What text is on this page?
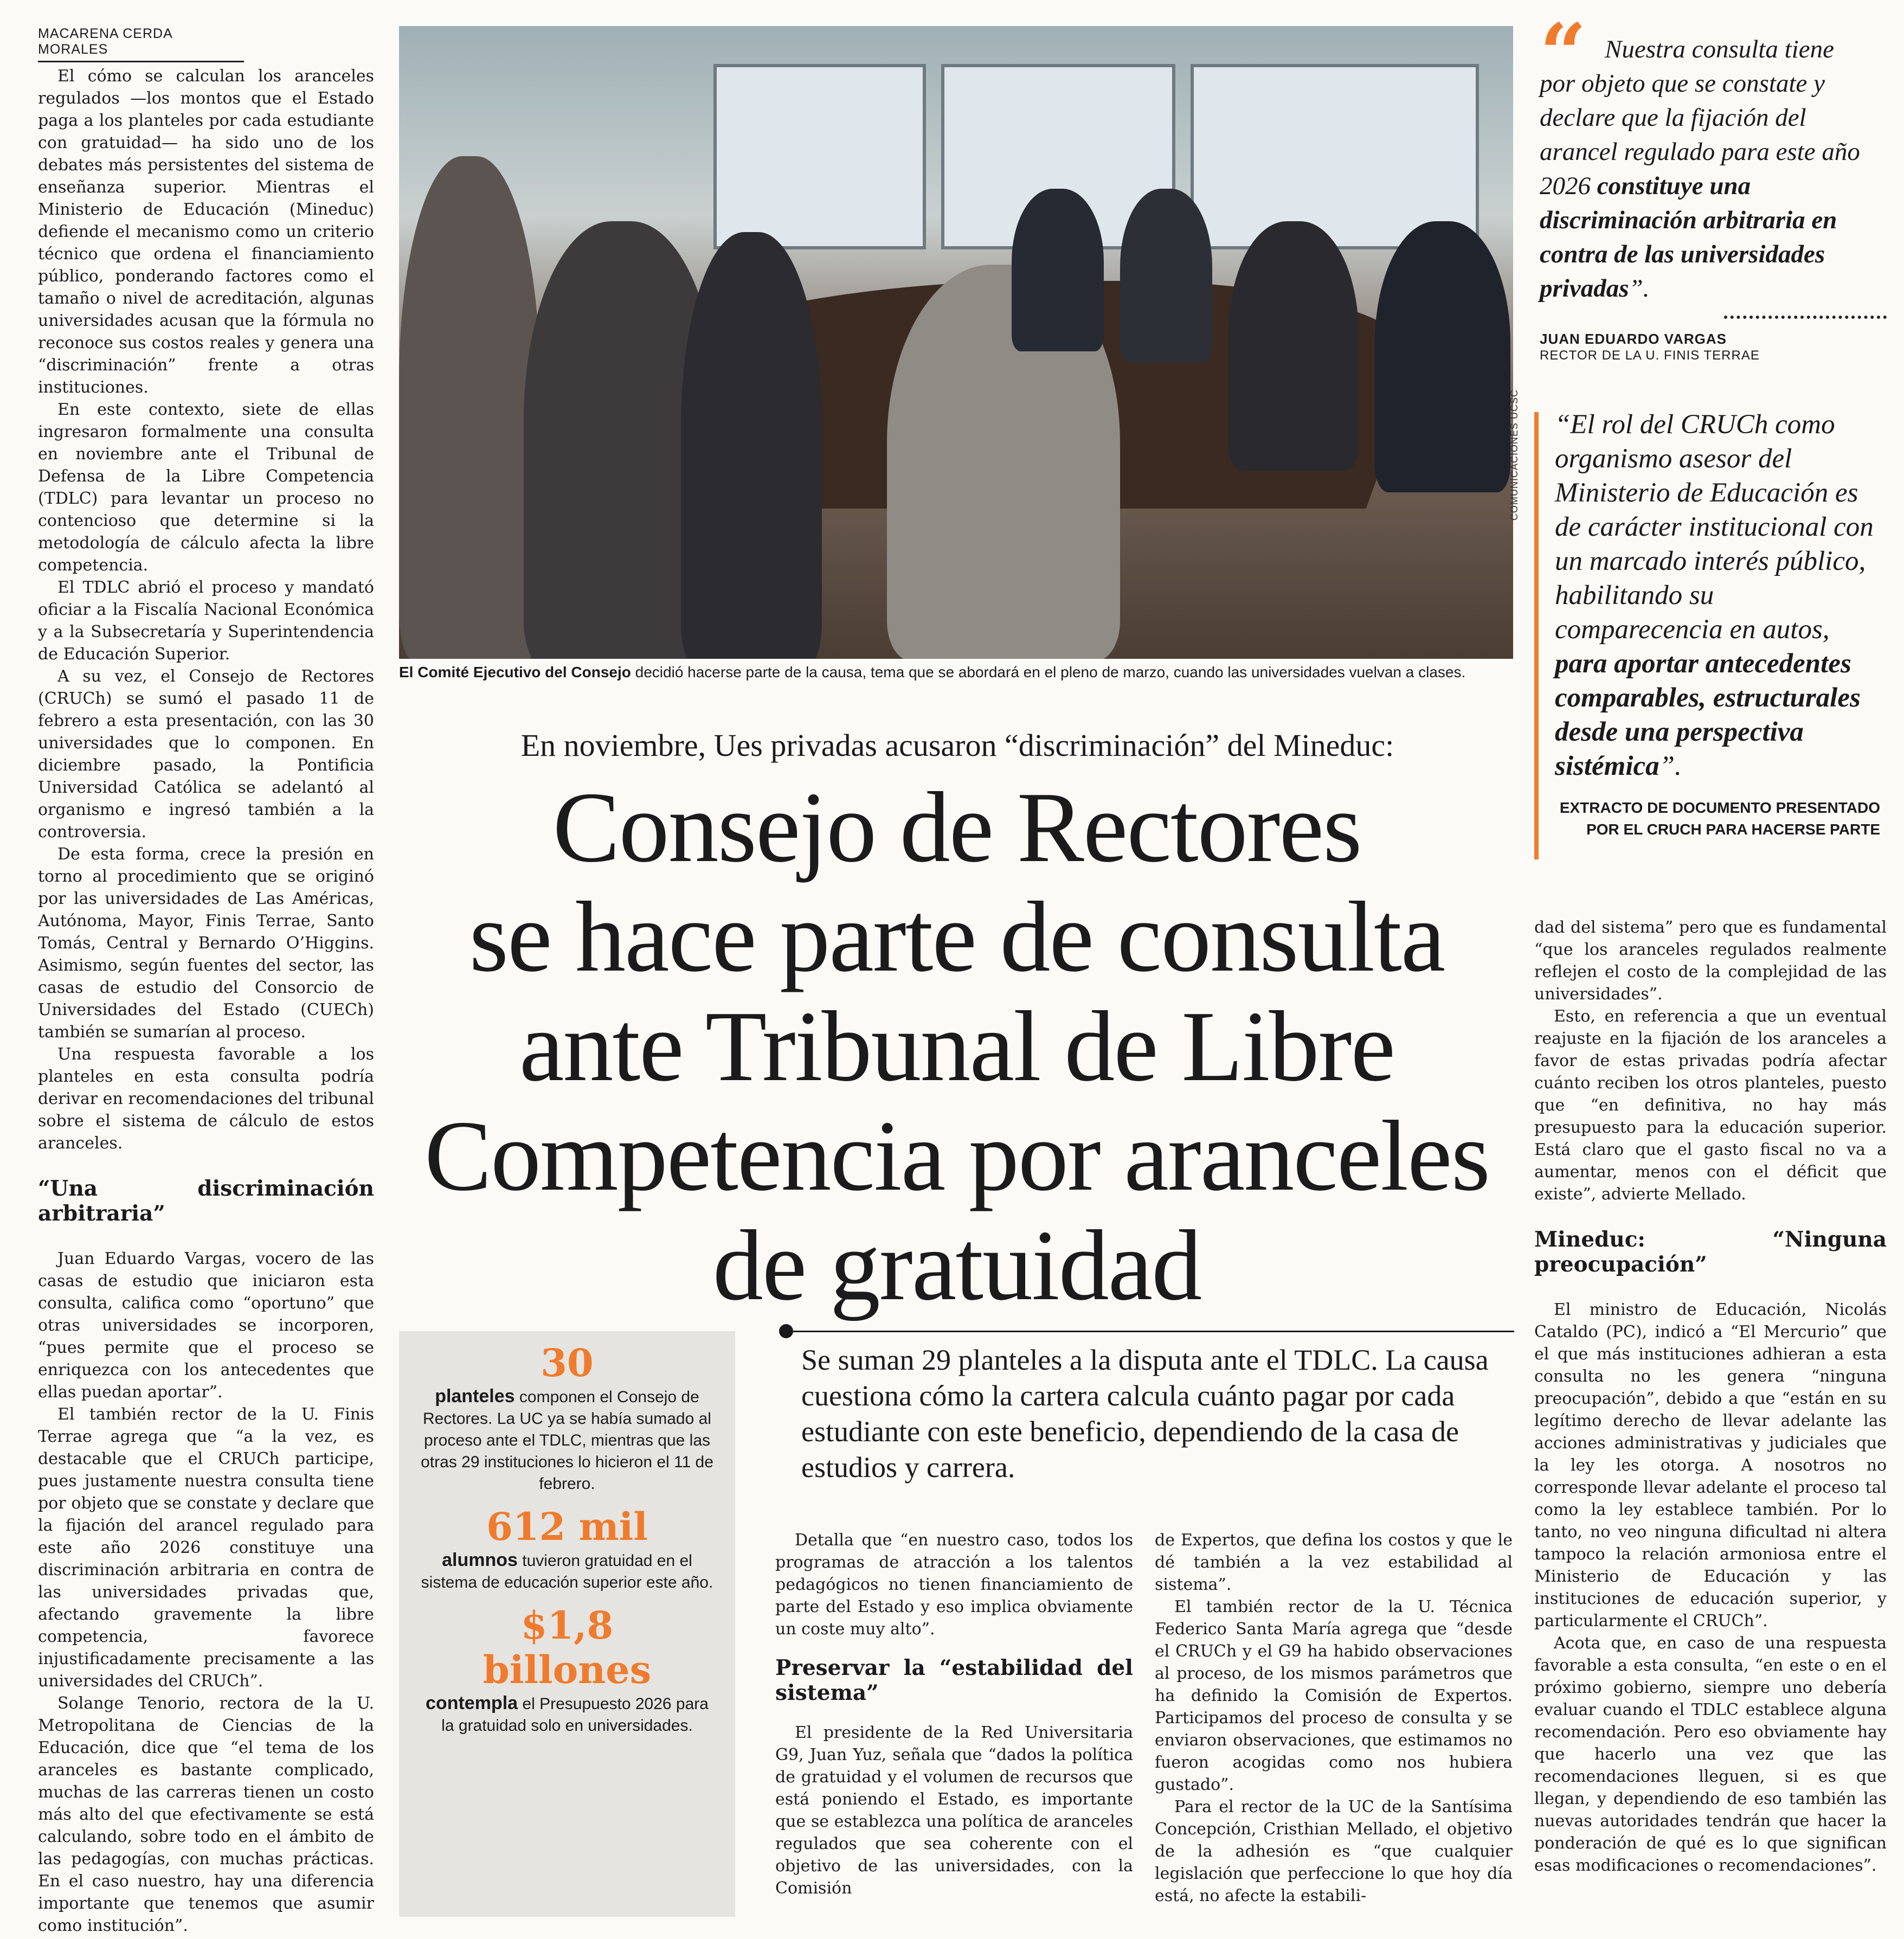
MACARENA CERDA MORALES

El cómo se calculan los aranceles regulados —los montos que el Estado paga a los planteles por cada estudiante con gratuidad— ha sido uno de los debates más persistentes del sistema de enseñanza superior. Mientras el Ministerio de Educación (Mineduc) defiende el mecanismo como un criterio técnico que ordena el financiamiento público, ponderando factores como el tamaño o nivel de acreditación, algunas universidades acusan que la fórmula no reconoce sus costos reales y genera una “discriminación” frente a otras instituciones.

En este contexto, siete de ellas ingresaron formalmente una consulta en noviembre ante el Tribunal de Defensa de la Libre Competencia (TDLC) para levantar un proceso no contencioso que determine si la metodología de cálculo afecta la libre competencia.

El TDLC abrió el proceso y mandató oficiar a la Fiscalía Nacional Económica y a la Subsecretaría y Superintendencia de Educación Superior.

A su vez, el Consejo de Rectores (CRUCh) se sumó el pasado 11 de febrero a esta presentación, con las 30 universidades que lo componen. En diciembre pasado, la Pontificia Universidad Católica se adelantó al organismo e ingresó también a la controversia.

De esta forma, crece la presión en torno al procedimiento que se originó por las universidades de Las Américas, Autónoma, Mayor, Finis Terrae, Santo Tomás, Central y Bernardo O’Higgins. Asimismo, según fuentes del sector, las casas de estudio del Consorcio de Universidades del Estado (CUECh) también se sumarían al proceso.

Una respuesta favorable a los planteles en esta consulta podría derivar en recomendaciones del tribunal sobre el sistema de cálculo de estos aranceles.

“Una discriminación arbitraria”

Juan Eduardo Vargas, vocero de las casas de estudio que iniciaron esta consulta, califica como “oportuno” que otras universidades se incorporen, “pues permite que el proceso se enriquezca con los antecedentes que ellas puedan aportar”.

El también rector de la U. Finis Terrae agrega que “a la vez, es destacable que el CRUCh participe, pues justamente nuestra consulta tiene por objeto que se constate y declare que la fijación del arancel regulado para este año 2026 constituye una discriminación arbitraria en contra de las universidades privadas que, afectando gravemente la libre competencia, favorece injustificadamente precisamente a las universidades del CRUCh”.

Solange Tenorio, rectora de la U. Metropolitana de Ciencias de la Educación, dice que “el tema de los aranceles es bastante complicado, muchas de las carreras tienen un costo más alto del que efectivamente se está calculando, sobre todo en el ámbito de las pedagogías, con muchas prácticas. En el caso nuestro, hay una diferencia importante que tenemos que asumir como institución”.

COMUNICACIONES UCSC
El Comité Ejecutivo del Consejo decidió hacerse parte de la causa, tema que se abordará en el pleno de marzo, cuando las universidades vuelvan a clases.
En noviembre, Ues privadas acusaron “discriminación” del Mineduc:
Consejo de Rectores
se hace parte de consulta
ante Tribunal de Libre
Competencia por aranceles
de gratuidad
Se suman 29 planteles a la disputa ante el TDLC. La causa cuestiona cómo la cartera calcula cuánto pagar por cada estudiante con este beneficio, dependiendo de la casa de estudios y carrera.
30
planteles componen el Consejo de Rectores. La UC ya se había sumado al proceso ante el TDLC, mientras que las otras 29 instituciones lo hicieron el 11 de febrero.
612 mil
alumnos tuvieron gratuidad en el sistema de educación superior este año.
$1,8 billones
contempla el Presupuesto 2026 para la gratuidad solo en universidades.

Detalla que “en nuestro caso, todos los programas de atracción a los talentos pedagógicos no tienen financiamiento de parte del Estado y eso implica obviamente un coste muy alto”.

Preservar la “estabilidad del sistema”

El presidente de la Red Universitaria G9, Juan Yuz, señala que “dados la política de gratuidad y el volumen de recursos que está poniendo el Estado, es importante que se establezca una política de aranceles regulados que sea coherente con el objetivo de las universidades, con la Comisión

de Expertos, que defina los costos y que le dé también a la vez estabilidad al sistema”.

El también rector de la U. Técnica Federico Santa María agrega que “desde el CRUCh y el G9 ha habido observaciones al proceso, de los mismos parámetros que ha definido la Comisión de Expertos. Participamos del proceso de consulta y se enviaron observaciones, que estimamos no fueron acogidas como nos hubiera gustado”.

Para el rector de la UC de la Santísima Concepción, Cristhian Mellado, el objetivo de la adhesión es “que cualquier legislación que perfeccione lo que hoy día está, no afecte la estabili-

“ Nuestra consulta tiene por objeto que se constate y declare que la fijación del arancel regulado para este año 2026 constituye una discriminación arbitraria en contra de las universidades privadas”.
JUAN EDUARDO VARGAS
RECTOR DE LA U. FINIS TERRAE
“El rol del CRUCh como organismo asesor del Ministerio de Educación es de carácter institucional con un marcado interés público, habilitando su comparecencia en autos, para aportar antecedentes comparables, estructurales desde una perspectiva sistémica”.
EXTRACTO DE DOCUMENTO PRESENTADO POR EL CRUCH PARA HACERSE PARTE

dad del sistema” pero que es fundamental “que los aranceles regulados realmente reflejen el costo de la complejidad de las universidades”.

Esto, en referencia a que un eventual reajuste en la fijación de los aranceles a favor de estas privadas podría afectar cuánto reciben los otros planteles, puesto que “en definitiva, no hay más presupuesto para la educación superior. Está claro que el gasto fiscal no va a aumentar, menos con el déficit que existe”, advierte Mellado.

Mineduc: “Ninguna preocupación”

El ministro de Educación, Nicolás Cataldo (PC), indicó a “El Mercurio” que el que más instituciones adhieran a esta consulta no les genera “ninguna preocupación”, debido a que “están en su legítimo derecho de llevar adelante las acciones administrativas y judiciales que la ley les otorga. A nosotros no corresponde llevar adelante el proceso tal como la ley establece también. Por lo tanto, no veo ninguna dificultad ni altera tampoco la relación armoniosa entre el Ministerio de Educación y las instituciones de educación superior, y particularmente el CRUCh”.

Acota que, en caso de una respuesta favorable a esta consulta, “en este o en el próximo gobierno, siempre uno debería evaluar cuando el TDLC establece alguna recomendación. Pero eso obviamente hay que hacerlo una vez que las recomendaciones lleguen, si es que llegan, y dependiendo de eso también las nuevas autoridades tendrán que hacer la ponderación de qué es lo que significan esas modificaciones o recomendaciones”.
